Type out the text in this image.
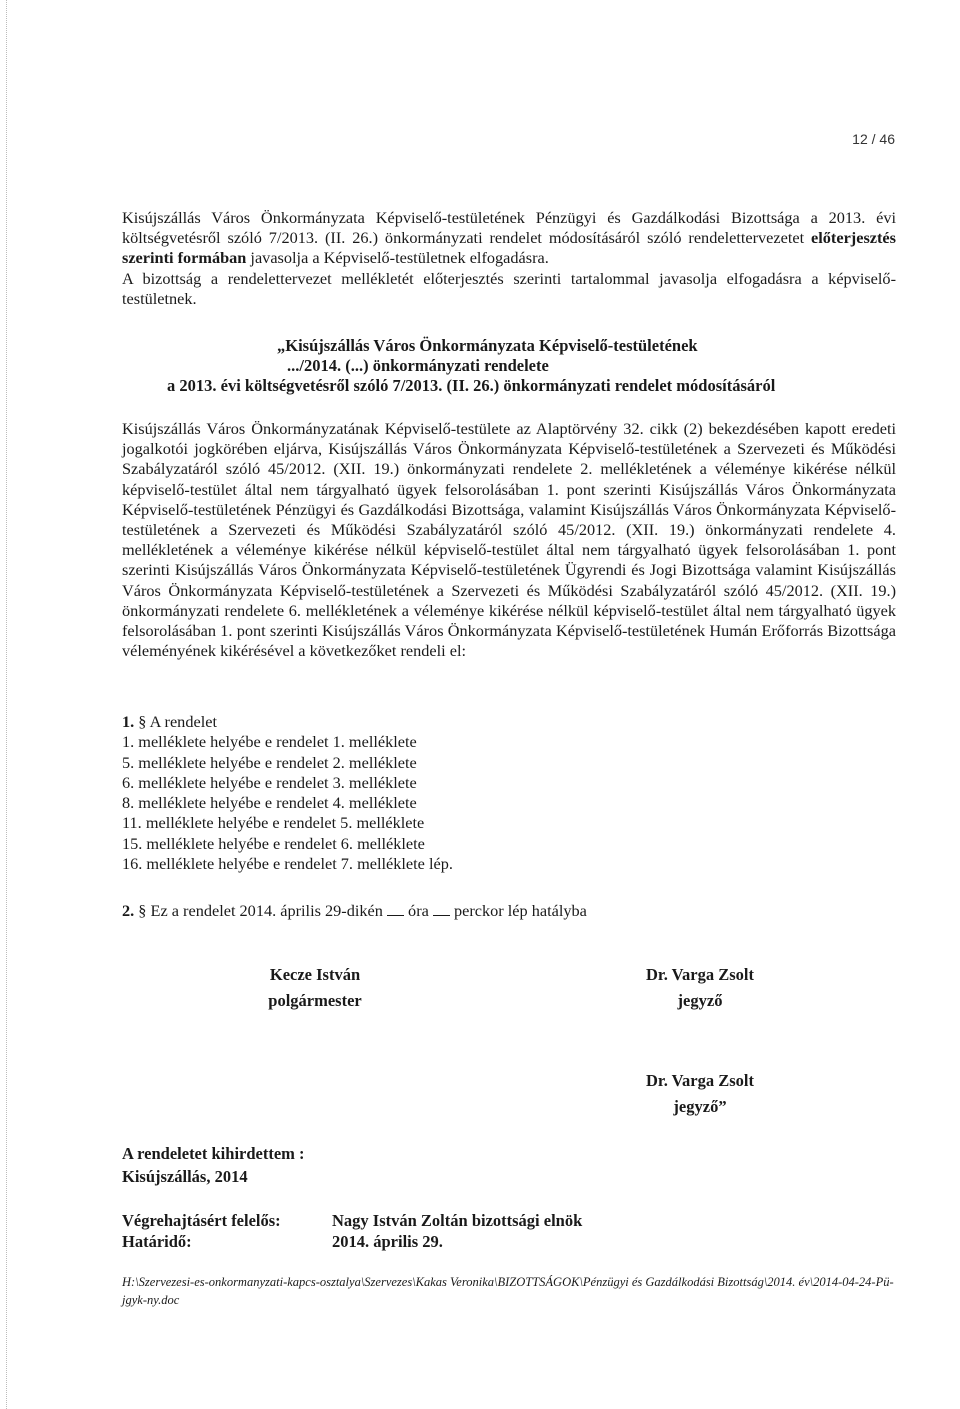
12 / 46

Kisújszállás Város Önkormányzata Képviselő-testületének Pénzügyi és Gazdálkodási Bizottsága a 2013. évi költségvetésről szóló 7/2013. (II. 26.) önkormányzati rendelet módosításáról szóló rendelettervezetet előterjesztés szerinti formában javasolja a Képviselő-testületnek elfogadásra.

A bizottság a rendelettervezet mellékletét előterjesztés szerinti tartalommal javasolja elfogadásra a képviselő-testületnek.

„Kisújszállás Város Önkormányzata Képviselő-testületének
...​/2014. (...) önkormányzati rendelete
a 2013. évi költségvetésről szóló 7/2013. (II. 26.) önkormányzati rendelet módosításáról

Kisújszállás Város Önkormányzatának Képviselő-testülete az Alaptörvény 32. cikk (2) bekezdésében kapott eredeti jogalkotói jogkörében eljárva, Kisújszállás Város Önkormányzata Képviselő-testületének a Szervezeti és Működési Szabályzatáról szóló 45/2012. (XII. 19.) önkormányzati rendelete 2. mellékletének a véleménye kikérése nélkül képviselő-testület által nem tárgyalható ügyek felsorolásában 1. pont szerinti Kisújszállás Város Önkormányzata Képviselő-testületének Pénzügyi és Gazdálkodási Bizottsága, valamint Kisújszállás Város Önkormányzata Képviselő-testületének a Szervezeti és Működési Szabályzatáról szóló 45/2012. (XII. 19.) önkormányzati rendelete 4. mellékletének a véleménye kikérése nélkül képviselő-testület által nem tárgyalható ügyek felsorolásában 1. pont szerinti Kisújszállás Város Önkormányzata Képviselő-testületének Ügyrendi és Jogi Bizottsága valamint Kisújszállás Város Önkormányzata Képviselő-testületének a Szervezeti és Működési Szabályzatáról szóló 45/2012. (XII. 19.) önkormányzati rendelete 6. mellékletének a véleménye kikérése nélkül képviselő-testület által nem tárgyalható ügyek felsorolásában 1. pont szerinti Kisújszállás Város Önkormányzata Képviselő-testületének Humán Erőforrás Bizottsága véleményének kikérésével a következőket rendeli el:

1. § A rendelet
1. melléklete helyébe e rendelet 1. melléklete
5. melléklete helyébe e rendelet 2. melléklete
6. melléklete helyébe e rendelet 3. melléklete
8. melléklete helyébe e rendelet 4. melléklete
11. melléklete helyébe e rendelet 5. melléklete
15. melléklete helyébe e rendelet 6. melléklete
16. melléklete helyébe e rendelet 7. melléklete lép.
2. § Ez a rendelet 2014. április 29-dikén óra perckor lép hatályba
Kecze István
polgármester
Dr. Varga Zsolt
jegyző
Dr. Varga Zsolt
jegyző”
A rendeletet kihirdettem :
Kisújszállás, 2014
Végrehajtásért felelős:	Nagy István Zoltán bizottsági elnök
Határidő:	2014. április 29.
H:\Szervezesi-es-onkormanyzati-kapcs-osztalya\Szervezes\Kakas Veronika\BIZOTTSÁGOK\Pénzügyi és Gazdálkodási Bizottság\2014. év\2014-04-24-Pü-jgyk-ny.doc
